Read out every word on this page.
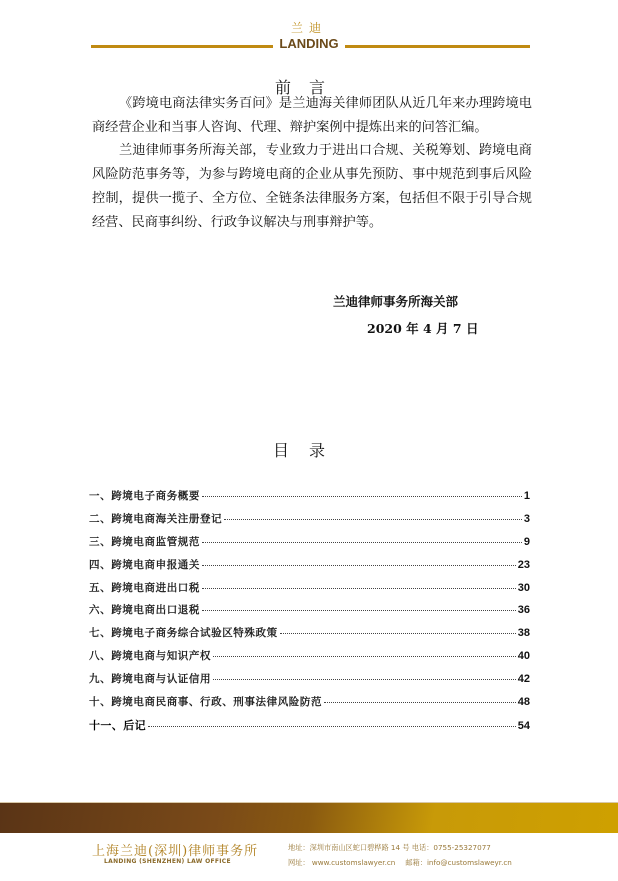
兰迪
LANDING
前言
《跨境电商法律实务百问》是兰迪海关律师团队从近几年来办理跨境电商经营企业和当事人咨询、代理、辩护案例中提炼出来的问答汇编。
兰迪律师事务所海关部，专业致力于进出口合规、关税筹划、跨境电商风险防范事务等，为参与跨境电商的企业从事先预防、事中规范到事后风险控制，提供一揽子、全方位、全链条法律服务方案，包括但不限于引导合规经营、民商事纠纷、行政争议解决与刑事辩护等。
兰迪律师事务所海关部
2020 年 4 月 7 日
目录
一、跨境电子商务概要	1
二、跨境电商海关注册登记	3
三、跨境电商监管规范	9
四、跨境电商申报通关	23
五、跨境电商进出口税	30
六、跨境电商出口退税	36
七、跨境电子商务综合试验区特殊政策	38
八、跨境电商与知识产权	40
九、跨境电商与认证信用	42
十、跨境电商民商事、行政、刑事法律风险防范	48
十一、后记	54
上海兰迪(深圳)律师事务所
LANDING (SHENZHEN) LAW OFFICE
地址：深圳市南山区蛇口碧桦路 14 号 电话：0755-25327077
网址： www.customslawyer.cn 邮箱：info@customslaweyr.cn
